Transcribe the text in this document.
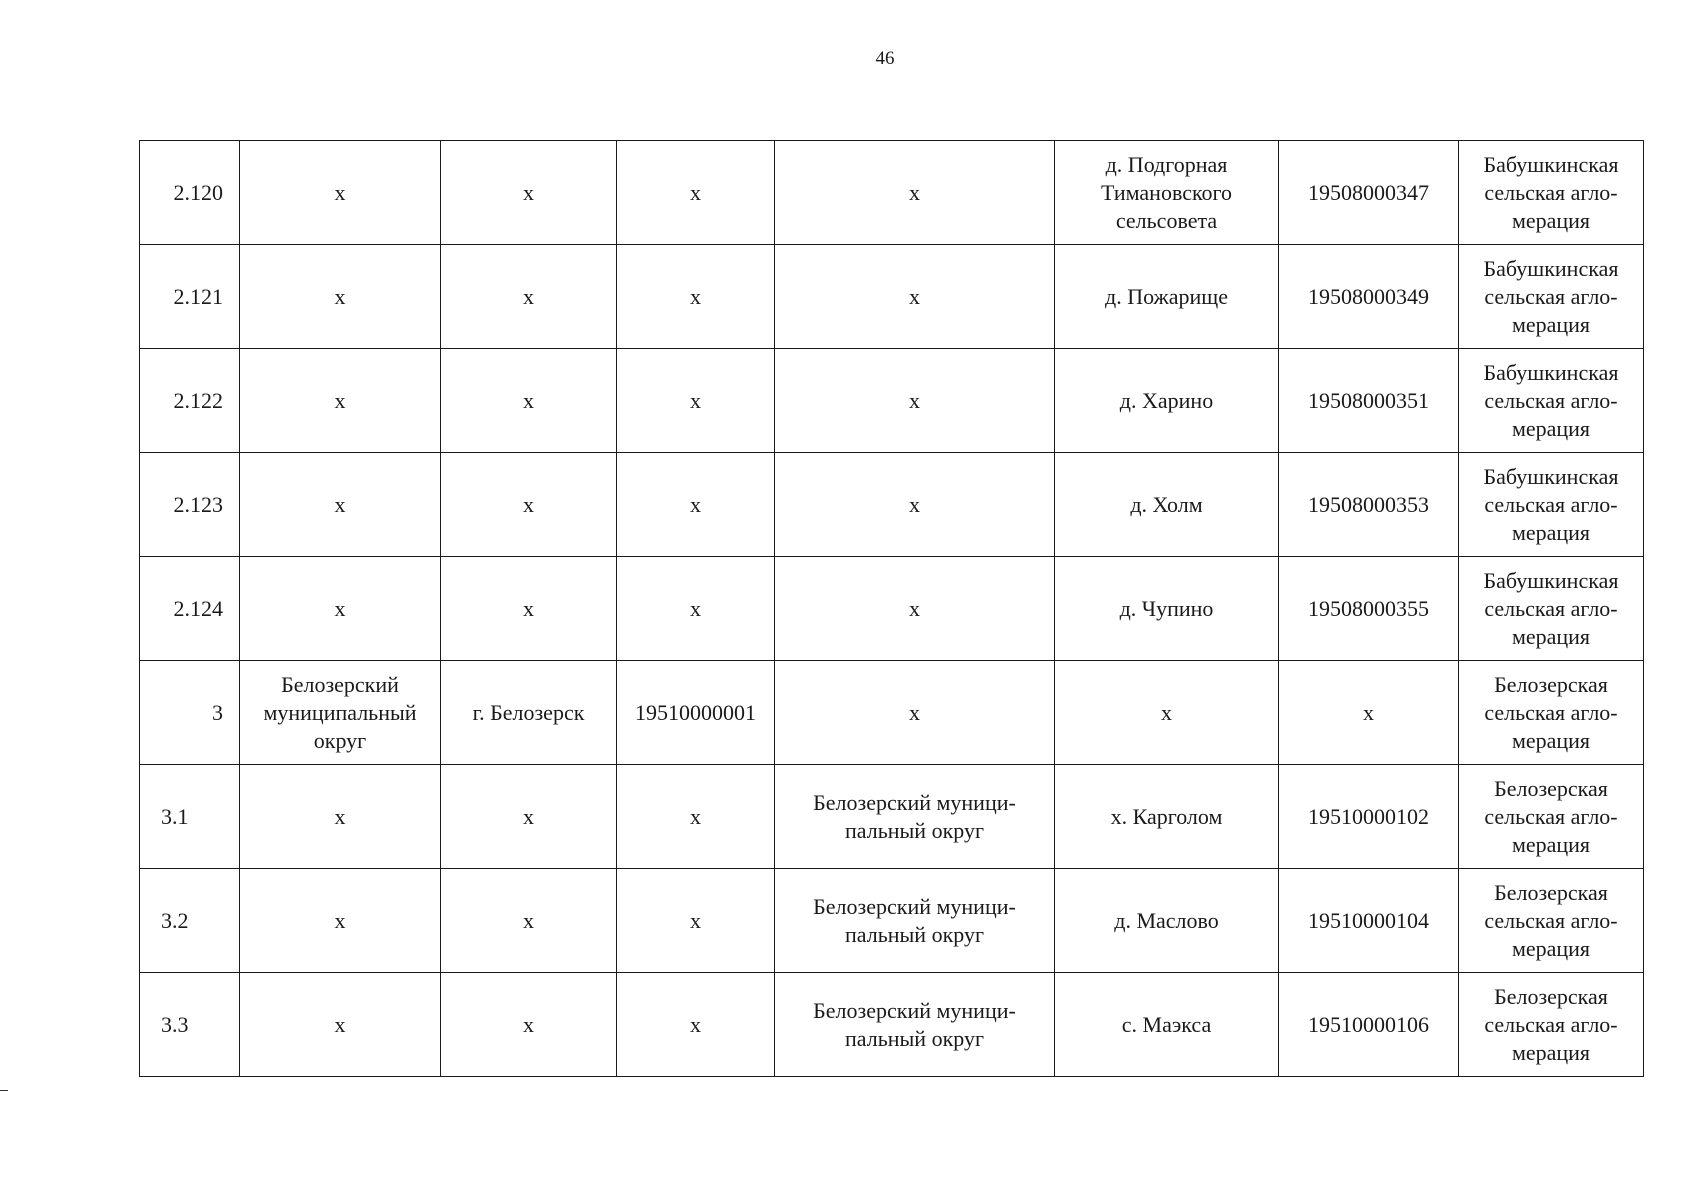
46
2.120	х	х	х	х	д. Подгорная
Тимановского
сельсовета	19508000347	Бабушкинская
сельская агло-
мерация
2.121	х	х	х	х	д. Пожарище	19508000349	Бабушкинская
сельская агло-
мерация
2.122	х	х	х	х	д. Харино	19508000351	Бабушкинская
сельская агло-
мерация
2.123	х	х	х	х	д. Холм	19508000353	Бабушкинская
сельская агло-
мерация
2.124	х	х	х	х	д. Чупино	19508000355	Бабушкинская
сельская агло-
мерация
3	Белозерский
муниципальный
округ	г. Белозерск	19510000001	х	х	х	Белозерская
сельская агло-
мерация
3.1	х	х	х	Белозерский муници-
пальный округ	х. Карголом	19510000102	Белозерская
сельская агло-
мерация
3.2	х	х	х	Белозерский муници-
пальный округ	д. Маслово	19510000104	Белозерская
сельская агло-
мерация
3.3	х	х	х	Белозерский муници-
пальный округ	с. Маэкса	19510000106	Белозерская
сельская агло-
мерация
